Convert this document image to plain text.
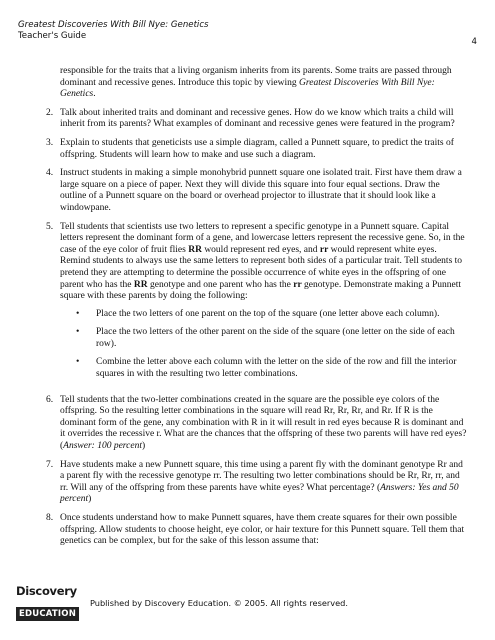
Greatest Discoveries With Bill Nye: Genetics
Teacher's Guide
4
responsible for the traits that a living organism inherits from its parents. Some traits are passed through dominant and recessive genes. Introduce this topic by viewing Greatest Discoveries With Bill Nye: Genetics.
2. Talk about inherited traits and dominant and recessive genes. How do we know which traits a child will inherit from its parents? What examples of dominant and recessive genes were featured in the program?
3. Explain to students that geneticists use a simple diagram, called a Punnett square, to predict the traits of offspring. Students will learn how to make and use such a diagram.
4. Instruct students in making a simple monohybrid punnett square one isolated trait. First have them draw a large square on a piece of paper. Next they will divide this square into four equal sections. Draw the outline of a Punnett square on the board or overhead projector to illustrate that it should look like a windowpane.
5. Tell students that scientists use two letters to represent a specific genotype in a Punnett square. Capital letters represent the dominant form of a gene, and lowercase letters represent the recessive gene. So, in the case of the eye color of fruit flies RR would represent red eyes, and rr would represent white eyes. Remind students to always use the same letters to represent both sides of a particular trait. Tell students to pretend they are attempting to determine the possible occurrence of white eyes in the offspring of one parent who has the RR genotype and one parent who has the rr genotype. Demonstrate making a Punnett square with these parents by doing the following:
•	Place the two letters of one parent on the top of the square (one letter above each column).
•	Place the two letters of the other parent on the side of the square (one letter on the side of each row).
•	Combine the letter above each column with the letter on the side of the row and fill the interior squares in with the resulting two letter combinations.
6. Tell students that the two-letter combinations created in the square are the possible eye colors of the offspring. So the resulting letter combinations in the square will read Rr, Rr, Rr, and Rr. If R is the dominant form of the gene, any combination with R in it will result in red eyes because R is dominant and it overrides the recessive r. What are the chances that the offspring of these two parents will have red eyes? (Answer: 100 percent)
7. Have students make a new Punnett square, this time using a parent fly with the dominant genotype Rr and a parent fly with the recessive genotype rr. The resulting two letter combinations should be Rr, Rr, rr, and rr. Will any of the offspring from these parents have white eyes? What percentage? (Answers: Yes and 50 percent)
8. Once students understand how to make Punnett squares, have them create squares for their own possible offspring. Allow students to choose height, eye color, or hair texture for this Punnett square. Tell them that genetics can be complex, but for the sake of this lesson assume that:
Discovery
EDUCATION
Published by Discovery Education. © 2005. All rights reserved.
